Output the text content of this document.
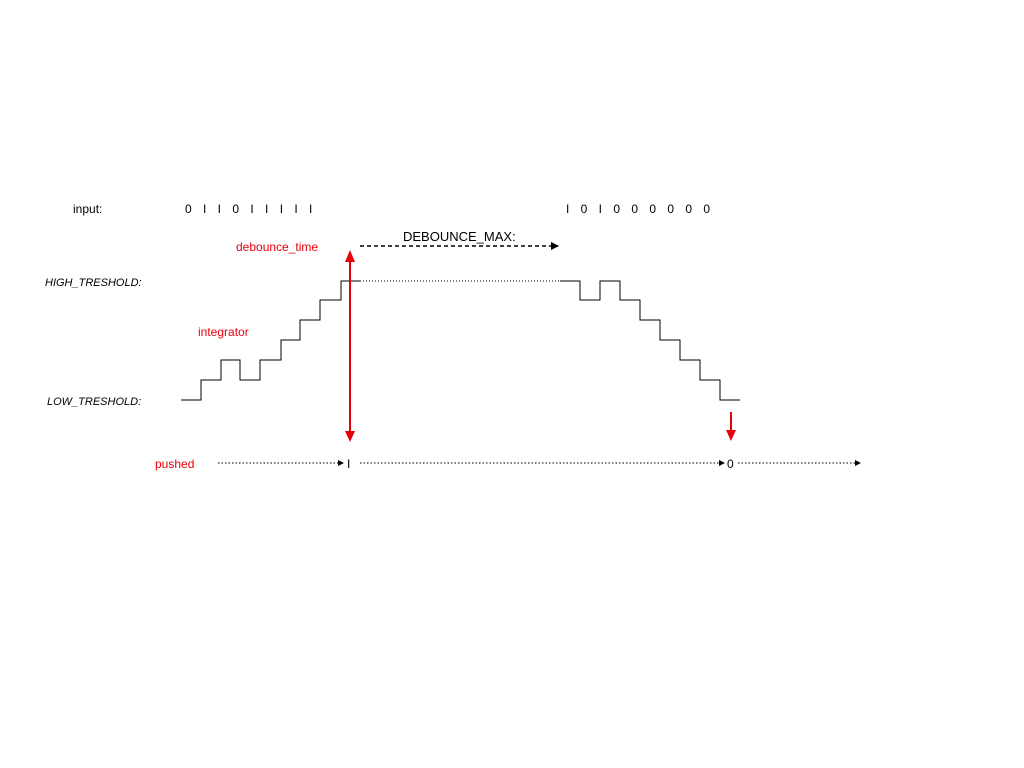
input:
HIGH_TRESHOLD:
LOW_TRESHOLD:
0 I I 0 I I I I I	I 0 I 0 0 0 0 0 0
debounce_time
integrator
pushed
DEBOUNCE_MAX:
I	0
